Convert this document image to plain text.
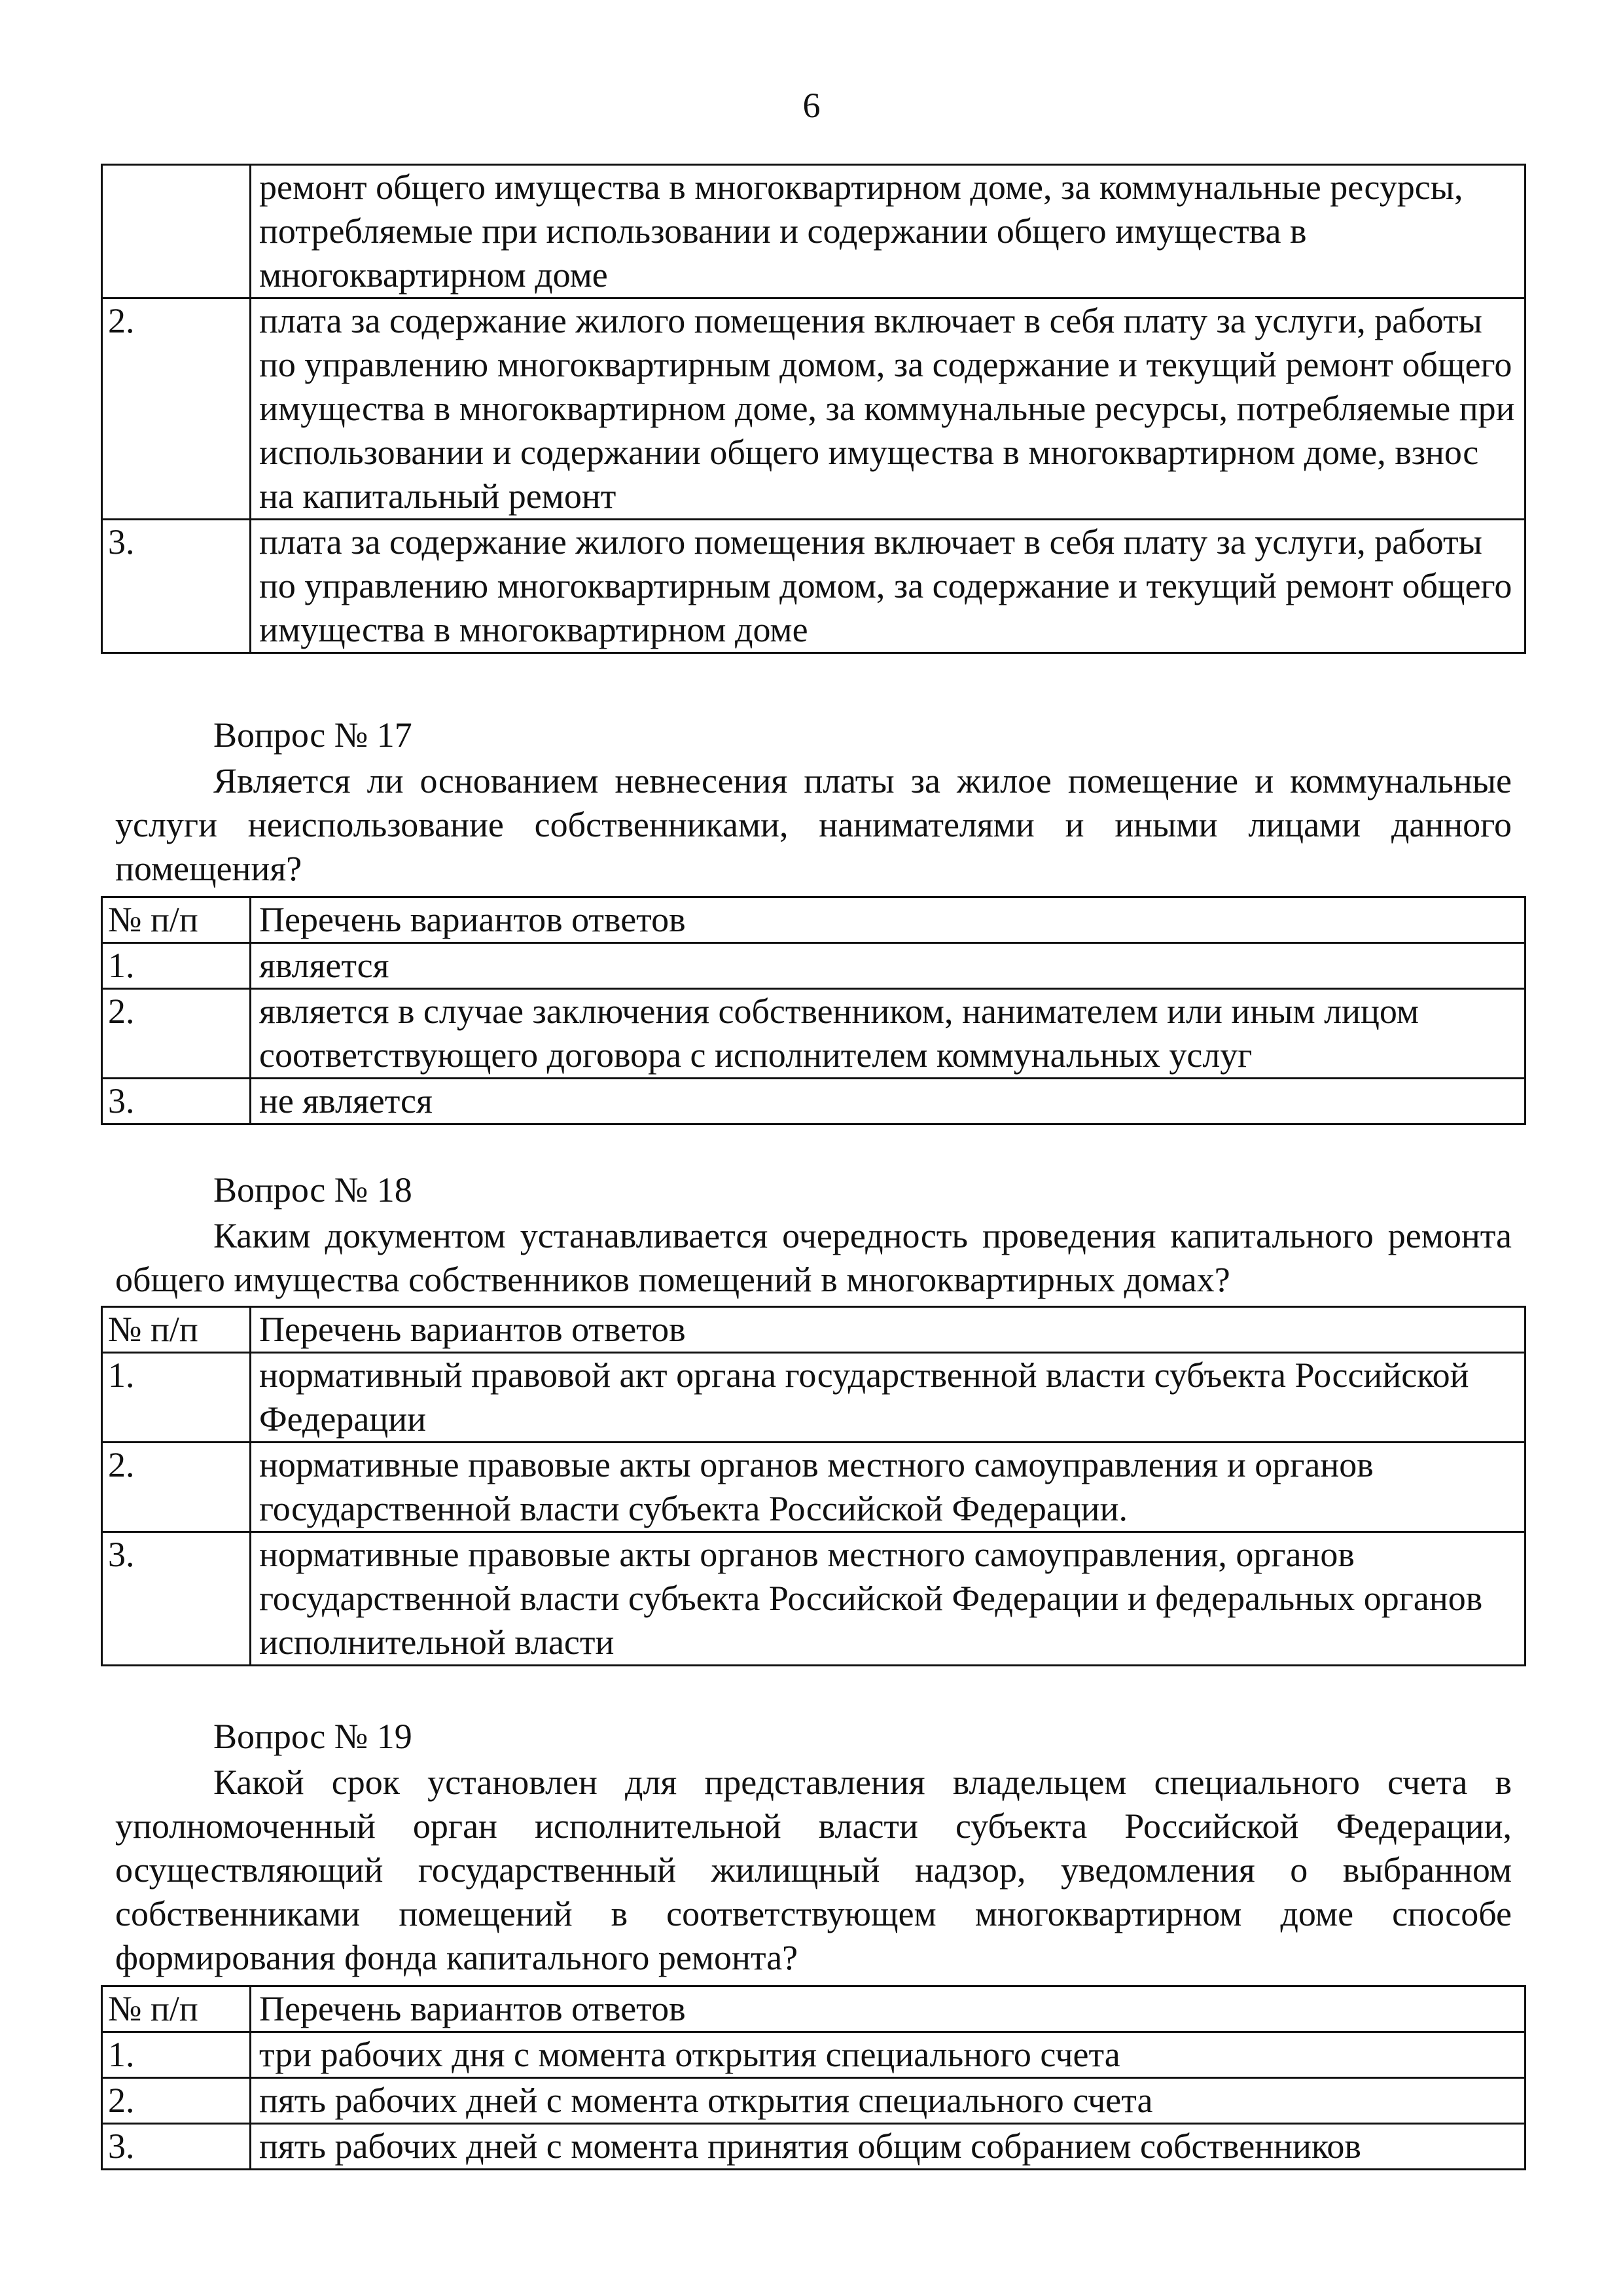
6
	ремонт общего имущества в многоквартирном доме, за коммунальные ресурсы, потребляемые при использовании и содержании общего имущества в многоквартирном доме
2.	плата за содержание жилого помещения включает в себя плату за услуги, работы по управлению многоквартирным домом, за содержание и текущий ремонт общего имущества в многоквартирном доме, за коммунальные ресурсы, потребляемые при использовании и содержании общего имущества в многоквартирном доме, взнос на капитальный ремонт
3.	плата за содержание жилого помещения включает в себя плату за услуги, работы по управлению многоквартирным домом, за содержание и текущий ремонт общего имущества в многоквартирном доме

Вопрос № 17

Является ли основанием невнесения платы за жилое помещение и коммунальные услуги неиспользование собственниками, нанимателями и иными лицами данного помещения?

№ п/п	Перечень вариантов ответов
1.	является
2.	является в случае заключения собственником, нанимателем или иным лицом соответствующего договора с исполнителем коммунальных услуг
3.	не является

Вопрос № 18

Каким документом устанавливается очередность проведения капитального ремонта общего имущества собственников помещений в многоквартирных домах?

№ п/п	Перечень вариантов ответов
1.	нормативный правовой акт органа государственной власти субъекта Российской Федерации
2.	нормативные правовые акты органов местного самоуправления и органов государственной власти субъекта Российской Федерации.
3.	нормативные правовые акты органов местного самоуправления, органов государственной власти субъекта Российской Федерации и федеральных органов исполнительной власти

Вопрос № 19

Какой срок установлен для представления владельцем специального счета в уполномоченный орган исполнительной власти субъекта Российской Федерации, осуществляющий государственный жилищный надзор, уведомления о выбранном собственниками помещений в соответствующем многоквартирном доме способе формирования фонда капитального ремонта?

№ п/п	Перечень вариантов ответов
1.	три рабочих дня с момента открытия специального счета
2.	пять рабочих дней с момента открытия специального счета
3.	пять рабочих дней с момента принятия общим собранием собственников
